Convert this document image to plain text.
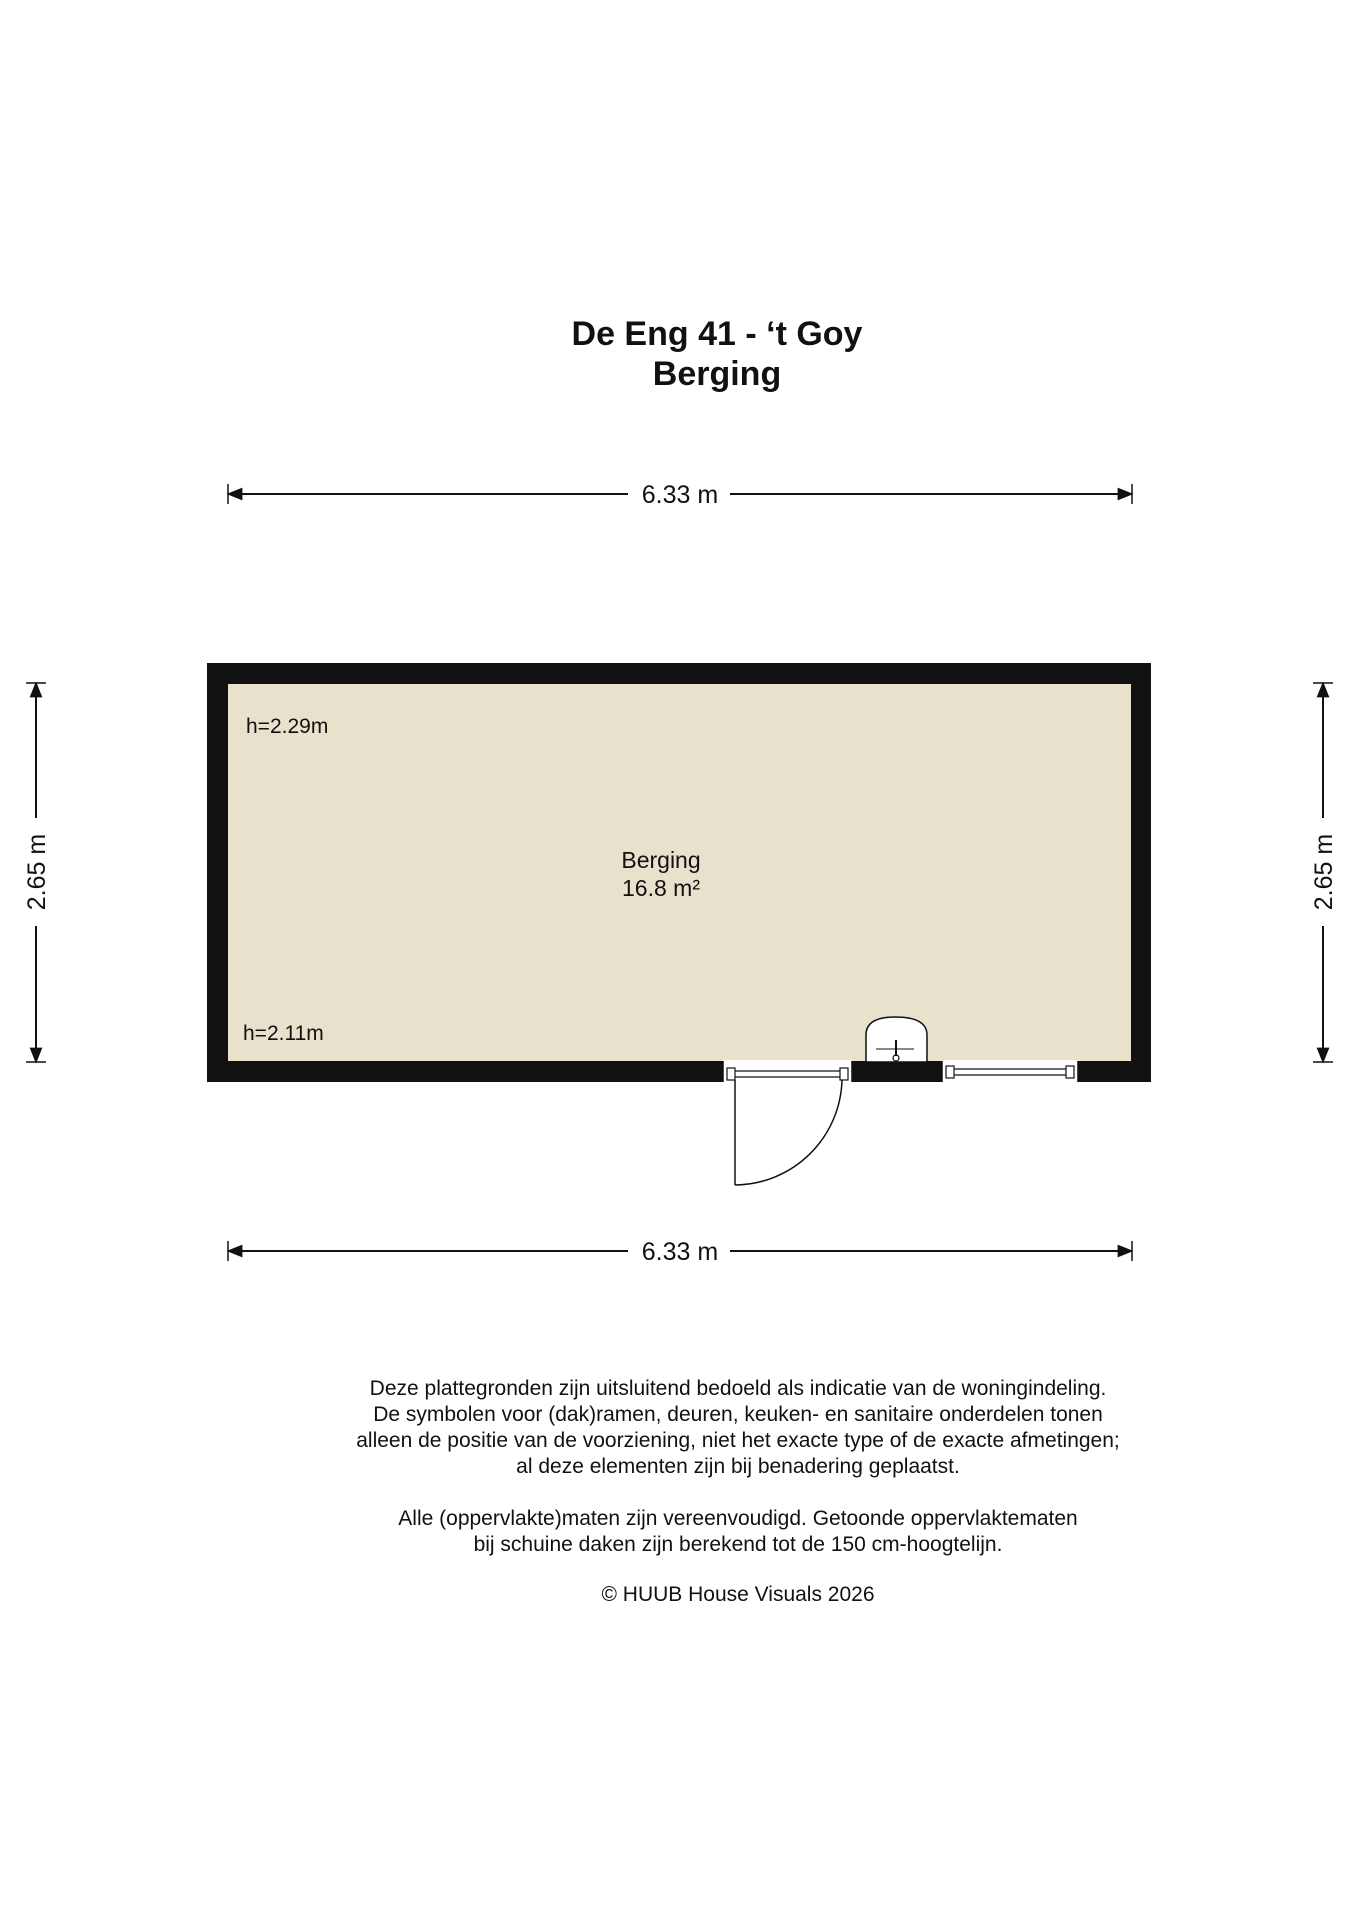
De Eng 41 - ‘t Goy
Berging
6.33 m
6.33 m
2.65 m	2.65 m
h=2.29m
h=2.11m
Berging
16.8 m²
Deze plattegronden zijn uitsluitend bedoeld als indicatie van de woningindeling.
De symbolen voor (dak)ramen, deuren, keuken- en sanitaire onderdelen tonen
alleen de positie van de voorziening, niet het exacte type of de exacte afmetingen;
al deze elementen zijn bij benadering geplaatst.
Alle (oppervlakte)maten zijn vereenvoudigd. Getoonde oppervlaktematen
bij schuine daken zijn berekend tot de 150 cm-hoogtelijn.
© HUUB House Visuals 2026
